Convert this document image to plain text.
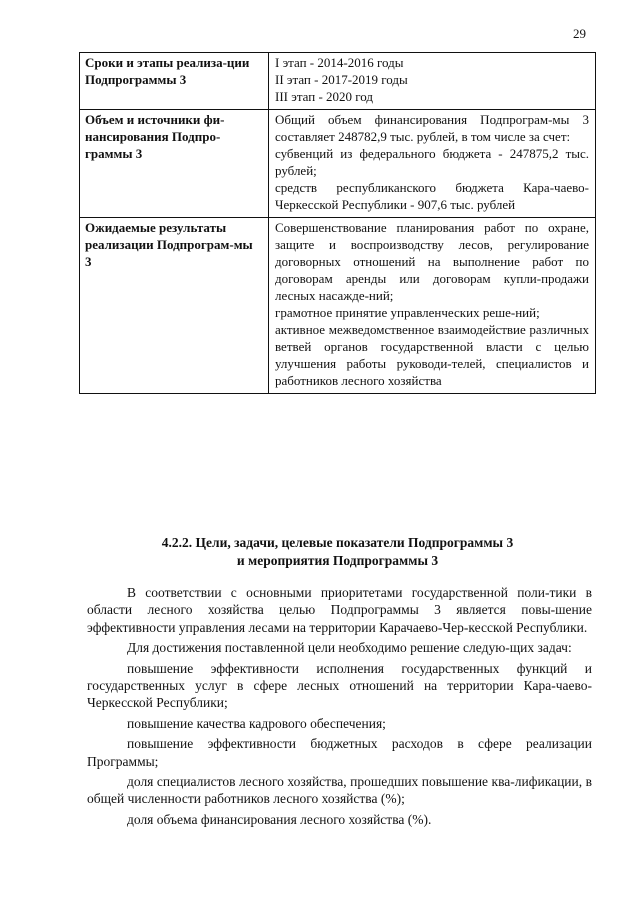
29
Сроки и этапы реализа-ции Подпрограммы 3	I этап - 2014-2016 годы

II этап - 2017-2019 годы

III этап - 2020 год

Объем и источники фи-нансирования Подпро-граммы 3	Общий объем финансирования Подпрограм-мы 3 составляет 248782,9 тыс. рублей, в том числе за счет:

субвенций из федерального бюджета - 247875,2 тыс. рублей;

средств республиканского бюджета Кара-чаево-Черкесской Республики - 907,6 тыс. рублей

Ожидаемые результаты реализации Подпрограм-мы 3	Совершенствование планирования работ по охране, защите и воспроизводству лесов, регулирование договорных отношений на выполнение работ по договорам аренды или договорам купли-продажи лесных насажде-ний;

грамотное принятие управленческих реше-ний;

активное межведомственное взаимодействие различных ветвей органов государственной власти с целью улучшения работы руководи-телей, специалистов и работников лесного хозяйства

4.2.2. Цели, задачи, целевые показатели Подпрограммы 3
и мероприятия Подпрограммы 3

В соответствии с основными приоритетами государственной поли-тики в области лесного хозяйства целью Подпрограммы 3 является повы-шение эффективности управления лесами на территории Карачаево-Чер-кесской Республики.

Для достижения поставленной цели необходимо решение следую-щих задач:

повышение эффективности исполнения государственных функций и государственных услуг в сфере лесных отношений на территории Кара-чаево-Черкесской Республики;

повышение качества кадрового обеспечения;

повышение эффективности бюджетных расходов в сфере реализации Программы;

доля специалистов лесного хозяйства, прошедших повышение ква-лификации, в общей численности работников лесного хозяйства (%);

доля объема финансирования лесного хозяйства (%).
